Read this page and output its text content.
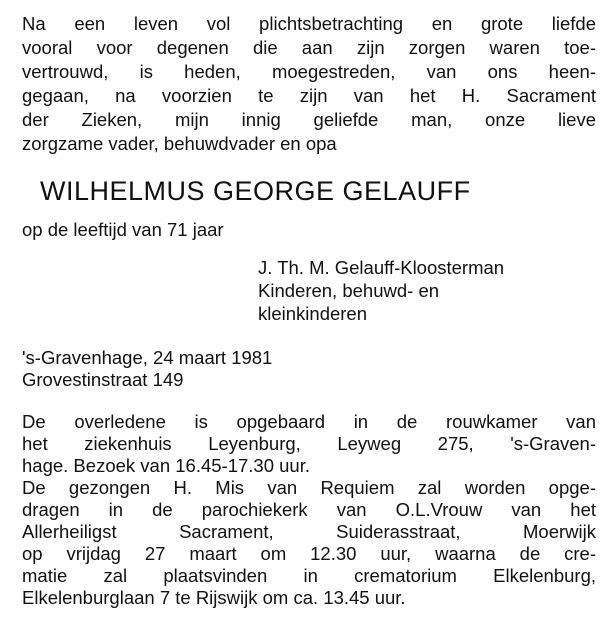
Na een leven vol plichtsbetrachting en grote liefde
vooral voor degenen die aan zijn zorgen waren toe-
vertrouwd, is heden, moegestreden, van ons heen-
gegaan, na voorzien te zijn van het H. Sacrament
der Zieken, mijn innig geliefde man, onze lieve
zorgzame vader, behuwdvader en opa

WILHELMUS GEORGE GELAUFF
op de leeftijd van 71 jaar
J. Th. M. Gelauff-Kloosterman
Kinderen, behuwd- en
kleinkinderen
's-Gravenhage, 24 maart 1981
Grovestinstraat 149
De overledene is opgebaard in de rouwkamer van
het ziekenhuis Leyenburg, Leyweg 275, 's-Graven-
hage. Bezoek van 16.45-17.30 uur.
De gezongen H. Mis van Requiem zal worden opge-
dragen in de parochiekerk van O.L.Vrouw van het
Allerheiligst Sacrament, Suiderasstraat, Moerwijk
op vrijdag 27 maart om 12.30 uur, waarna de cre-
matie zal plaatsvinden in crematorium Elkelenburg,
Elkelenburglaan 7 te Rijswijk om ca. 13.45 uur.
